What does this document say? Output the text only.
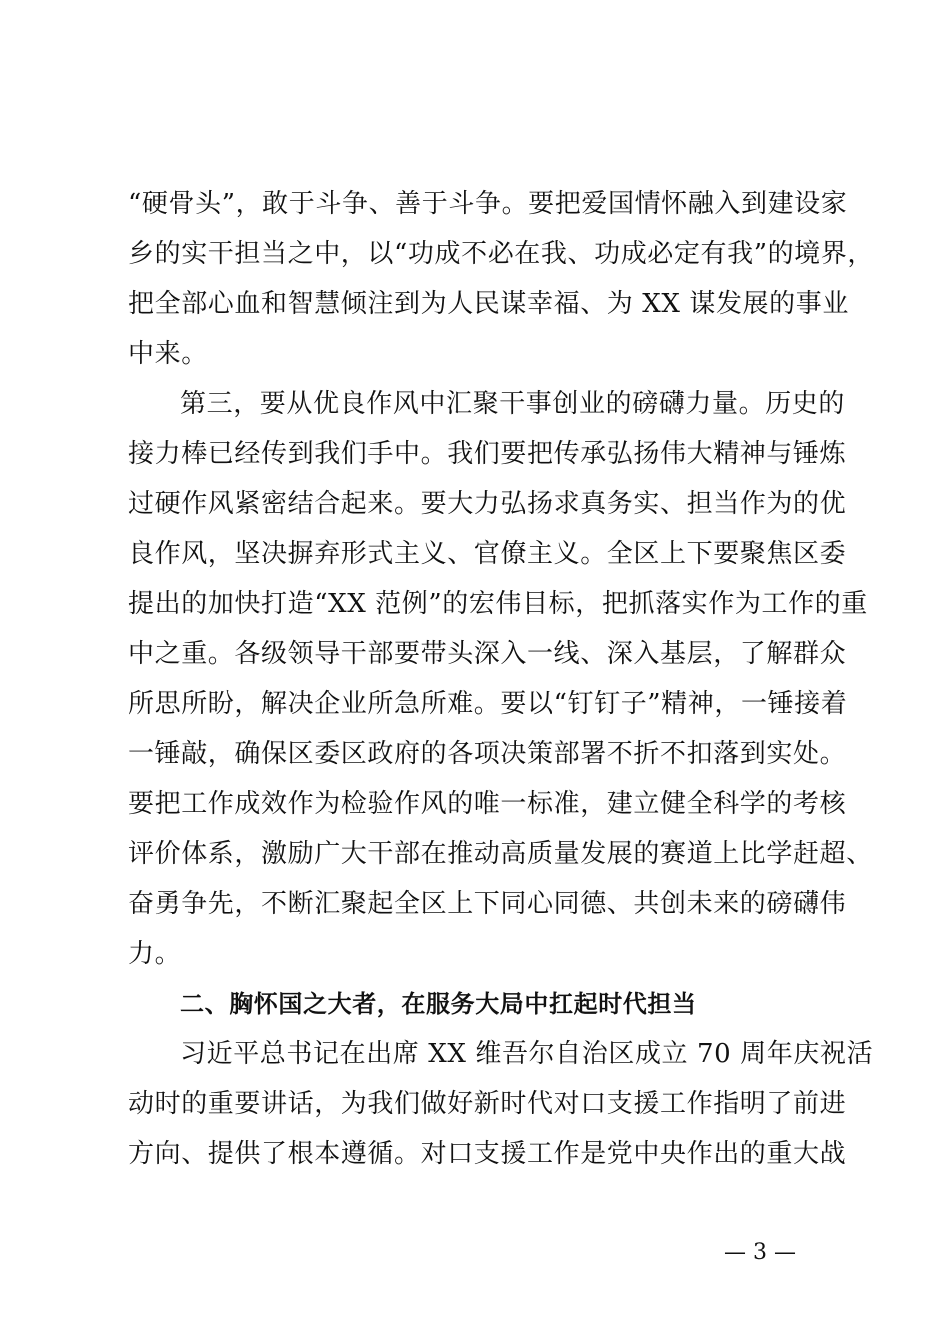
“硬骨头”，敢于斗争、善于斗争。要把爱国情怀融入到建设家
乡的实干担当之中，以“功成不必在我、功成必定有我”的境界，
把全部心血和智慧倾注到为人民谋幸福、为 XX 谋发展的事业
中来。
第三，要从优良作风中汇聚干事创业的磅礴力量。历史的
接力棒已经传到我们手中。我们要把传承弘扬伟大精神与锤炼
过硬作风紧密结合起来。要大力弘扬求真务实、担当作为的优
良作风，坚决摒弃形式主义、官僚主义。全区上下要聚焦区委
提出的加快打造“XX 范例”的宏伟目标，把抓落实作为工作的重
中之重。各级领导干部要带头深入一线、深入基层，了解群众
所思所盼，解决企业所急所难。要以“钉钉子”精神，一锤接着
一锤敲，确保区委区政府的各项决策部署不折不扣落到实处。
要把工作成效作为检验作风的唯一标准，建立健全科学的考核
评价体系，激励广大干部在推动高质量发展的赛道上比学赶超、
奋勇争先，不断汇聚起全区上下同心同德、共创未来的磅礴伟
力。
二、胸怀国之大者，在服务大局中扛起时代担当
习近平总书记在出席 XX 维吾尔自治区成立 70 周年庆祝活
动时的重要讲话，为我们做好新时代对口支援工作指明了前进
方向、提供了根本遵循。对口支援工作是党中央作出的重大战
— 3 —
